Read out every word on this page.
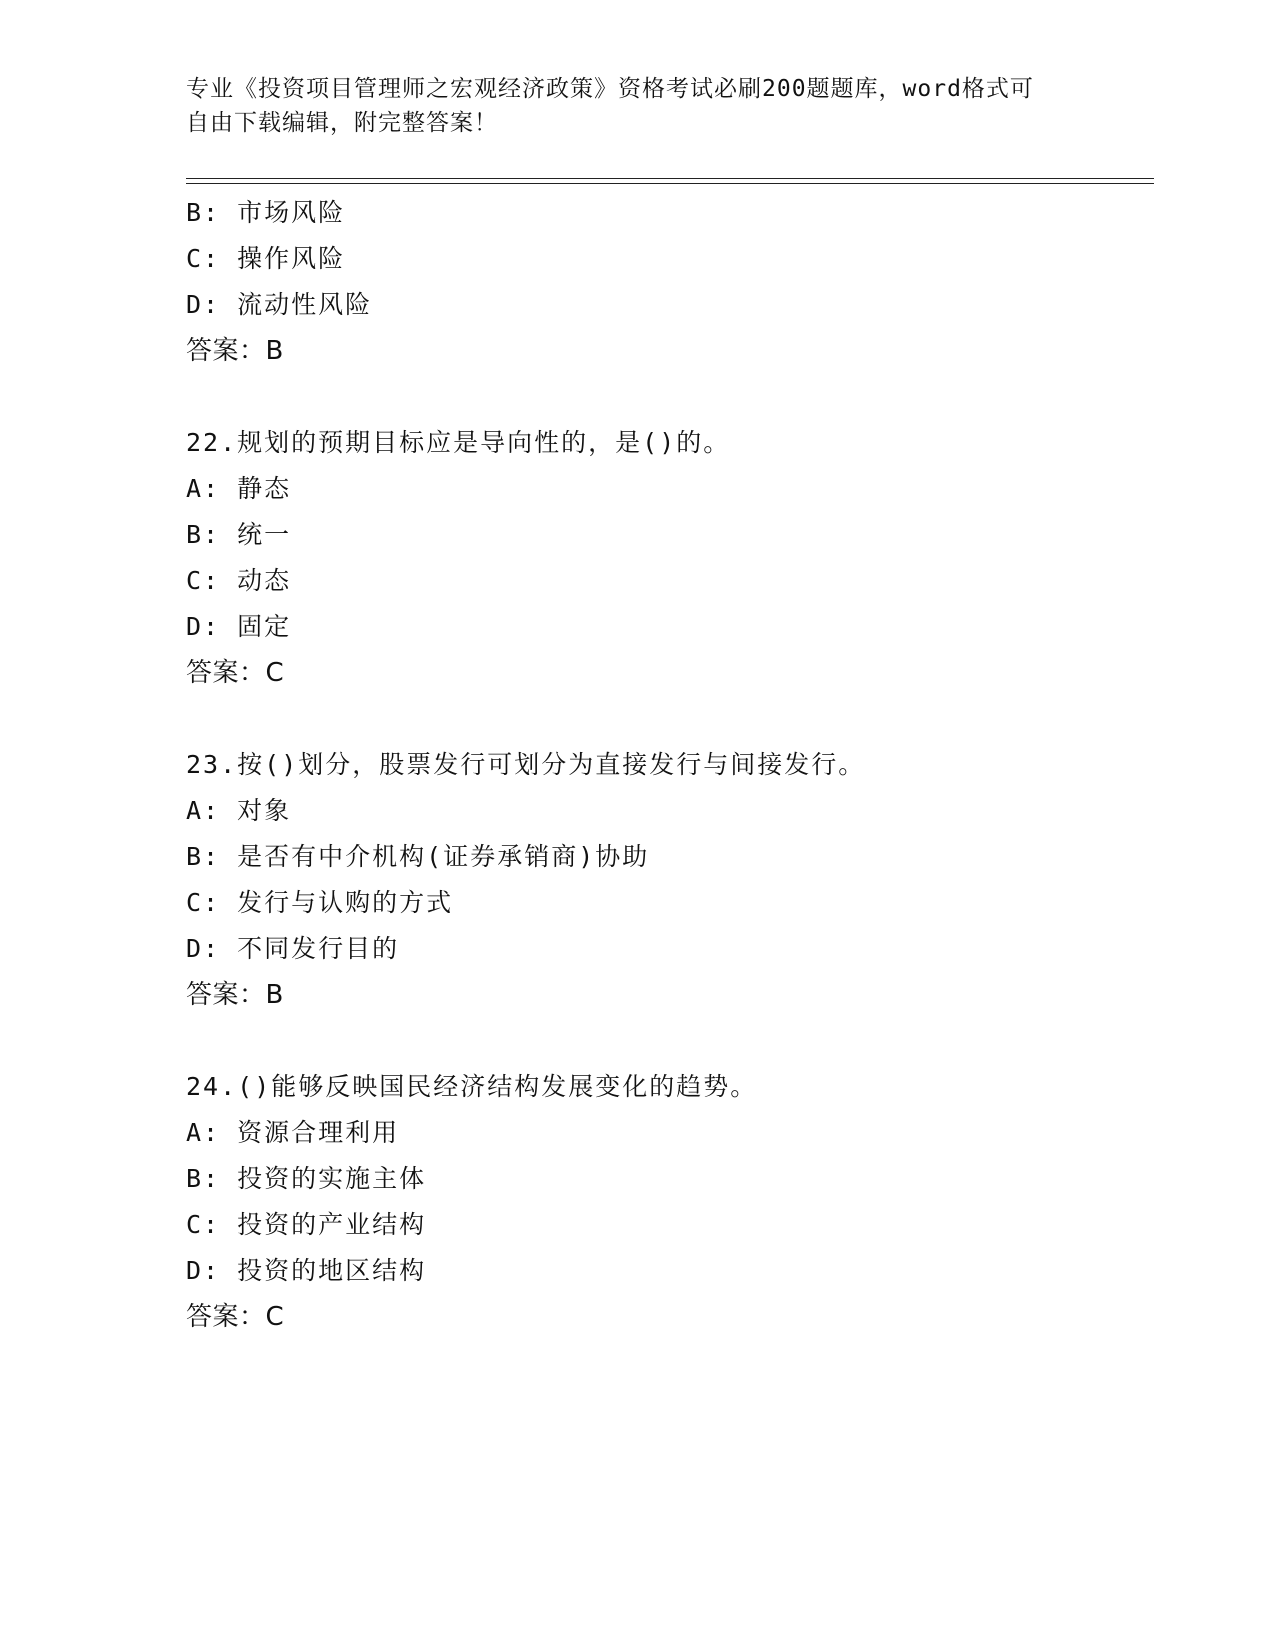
专业《投资项目管理师之宏观经济政策》资格考试必刷200题题库，word格式可
自由下载编辑，附完整答案！
B: 市场风险
C: 操作风险
D: 流动性风险
答案：B
22.规划的预期目标应是导向性的，是()的。
A: 静态
B: 统一
C: 动态
D: 固定
答案：C
23.按()划分，股票发行可划分为直接发行与间接发行。
A: 对象
B: 是否有中介机构(证券承销商)协助
C: 发行与认购的方式
D: 不同发行目的
答案：B
24.()能够反映国民经济结构发展变化的趋势。
A: 资源合理利用
B: 投资的实施主体
C: 投资的产业结构
D: 投资的地区结构
答案：C
